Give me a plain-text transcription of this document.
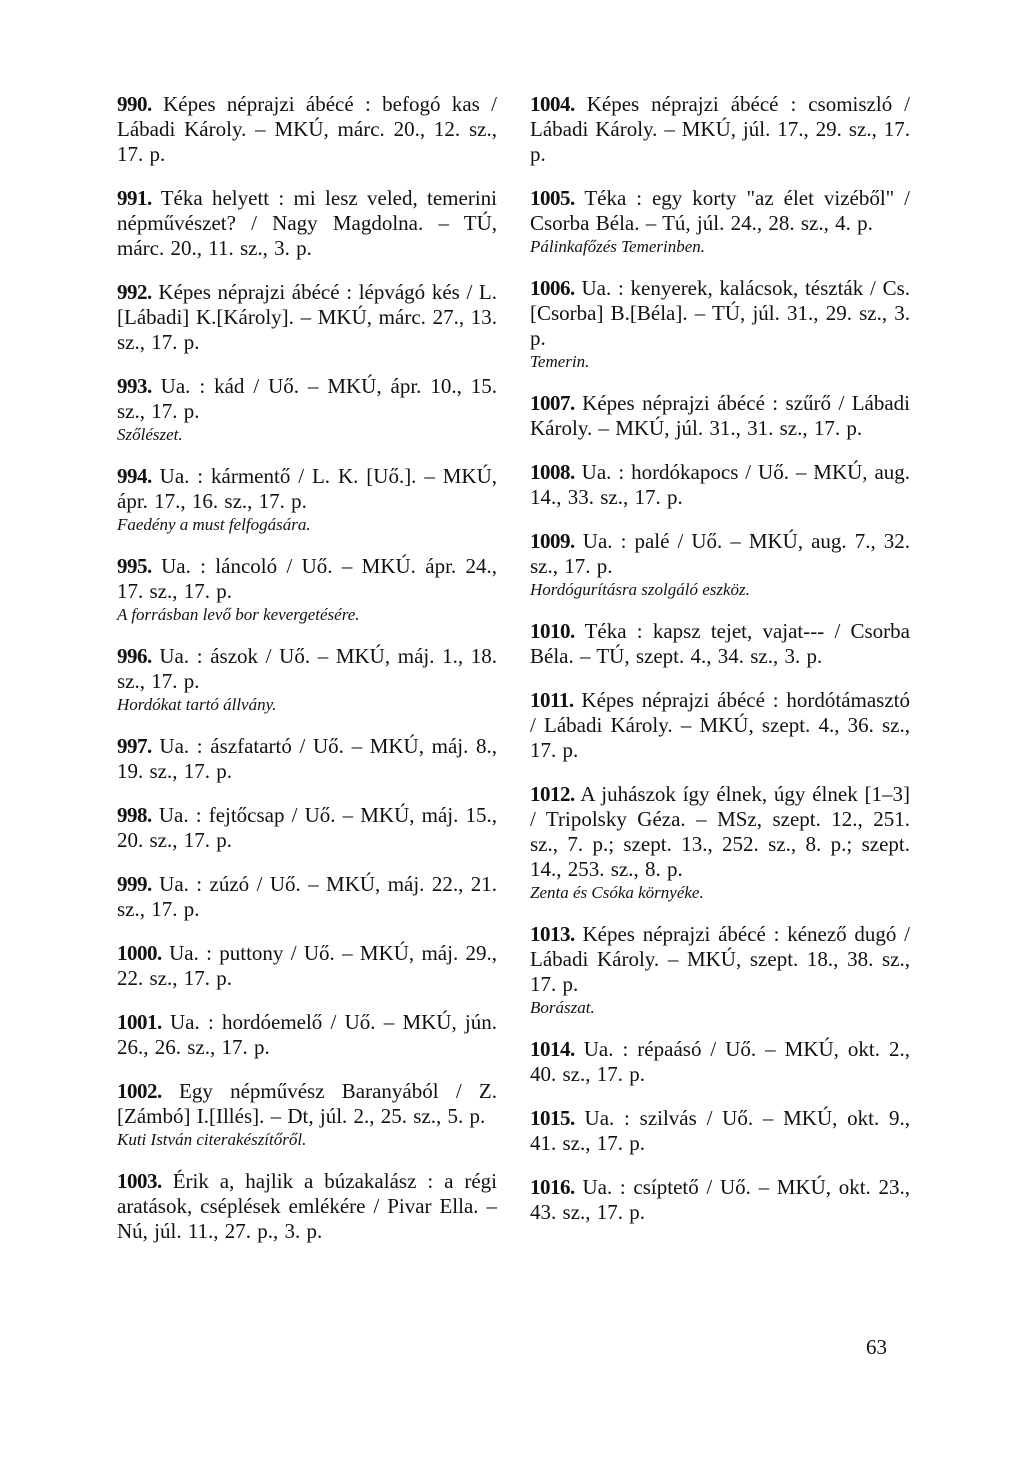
990. Képes néprajzi ábécé : befogó kas / Lábadi Károly. – MKÚ, márc. 20., 12. sz., 17. p.

991. Téka helyett : mi lesz veled, temerini népművészet? / Nagy Magdolna. – TÚ, márc. 20., 11. sz., 3. p.

992. Képes néprajzi ábécé : lépvágó kés / L.[Lábadi] K.[Károly]. – MKÚ, márc. 27., 13. sz., 17. p.

993. Ua. : kád / Uő. – MKÚ, ápr. 10., 15. sz., 17. p.
Szőlészet.

994. Ua. : kármentő / L. K. [Uő.]. – MKÚ, ápr. 17., 16. sz., 17. p.
Faedény a must felfogására.

995. Ua. : láncoló / Uő. – MKÚ. ápr. 24., 17. sz., 17. p.
A forrásban levő bor kevergetésére.

996. Ua. : ászok / Uő. – MKÚ, máj. 1., 18. sz., 17. p.
Hordókat tartó állvány.

997. Ua. : ászfatartó / Uő. – MKÚ, máj. 8., 19. sz., 17. p.

998. Ua. : fejtőcsap / Uő. – MKÚ, máj. 15., 20. sz., 17. p.

999. Ua. : zúzó / Uő. – MKÚ, máj. 22., 21. sz., 17. p.

1000. Ua. : puttony / Uő. – MKÚ, máj. 29., 22. sz., 17. p.

1001. Ua. : hordóemelő / Uő. – MKÚ, jún. 26., 26. sz., 17. p.

1002. Egy népművész Baranyából / Z.[Zámbó] I.[Illés]. – Dt, júl. 2., 25. sz., 5. p.
Kuti István citerakészítőről.

1003. Érik a, hajlik a búzakalász : a régi aratások, cséplések emlékére / Pivar Ella. – Nú, júl. 11., 27. p., 3. p.

1004. Képes néprajzi ábécé : csomiszló / Lábadi Károly. – MKÚ, júl. 17., 29. sz., 17. p.

1005. Téka : egy korty "az élet vizéből" / Csorba Béla. – Tú, júl. 24., 28. sz., 4. p.
Pálinkafőzés Temerinben.

1006. Ua. : kenyerek, kalácsok, tészták / Cs.[Csorba] B.[Béla]. – TÚ, júl. 31., 29. sz., 3. p.
Temerin.

1007. Képes néprajzi ábécé : szűrő / Lábadi Károly. – MKÚ, júl. 31., 31. sz., 17. p.

1008. Ua. : hordókapocs / Uő. – MKÚ, aug. 14., 33. sz., 17. p.

1009. Ua. : palé / Uő. – MKÚ, aug. 7., 32. sz., 17. p.
Hordógurításra szolgáló eszköz.

1010. Téka : kapsz tejet, vajat--- / Csorba Béla. – TÚ, szept. 4., 34. sz., 3. p.

1011. Képes néprajzi ábécé : hordótámasztó / Lábadi Károly. – MKÚ, szept. 4., 36. sz., 17. p.

1012. A juhászok így élnek, úgy élnek [1–3] / Tripolsky Géza. – MSz, szept. 12., 251. sz., 7. p.; szept. 13., 252. sz., 8. p.; szept. 14., 253. sz., 8. p.
Zenta és Csóka környéke.

1013. Képes néprajzi ábécé : kénező dugó / Lábadi Károly. – MKÚ, szept. 18., 38. sz., 17. p.
Borászat.

1014. Ua. : répaásó / Uő. – MKÚ, okt. 2., 40. sz., 17. p.

1015. Ua. : szilvás / Uő. – MKÚ, okt. 9., 41. sz., 17. p.

1016. Ua. : csíptető / Uő. – MKÚ, okt. 23., 43. sz., 17. p.

63
